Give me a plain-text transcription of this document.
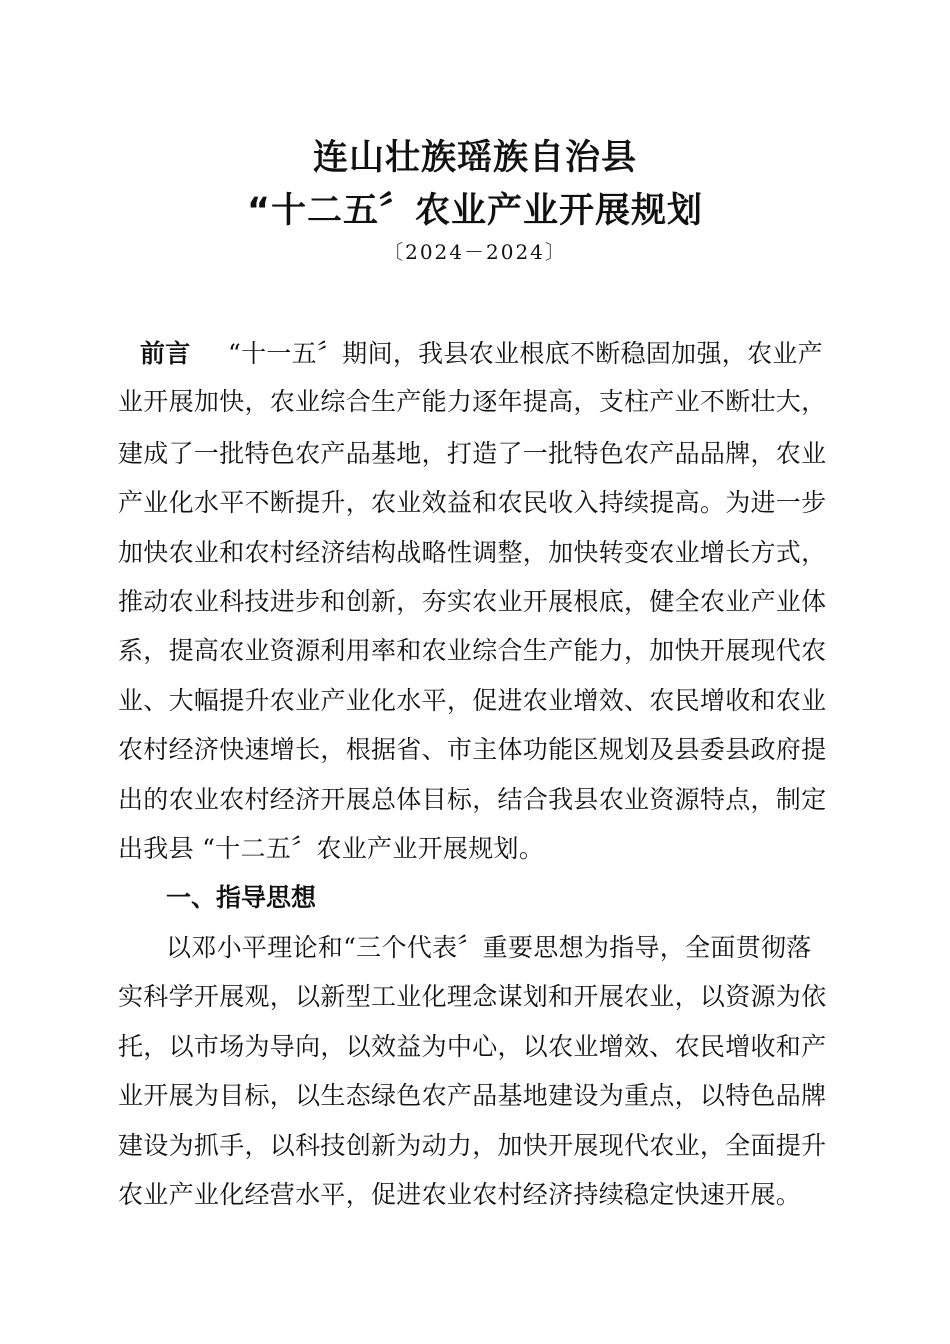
连山壮族瑶族自治县
“十二五〞农业产业开展规划
〔2024－2024〕
前言 “十一五〞期间，我县农业根底不断稳固加强，农业产
业开展加快，农业综合生产能力逐年提高，支柱产业不断壮大，
建成了一批特色农产品基地，打造了一批特色农产品品牌，农业
产业化水平不断提升，农业效益和农民收入持续提高。为进一步
加快农业和农村经济结构战略性调整，加快转变农业增长方式，
推动农业科技进步和创新，夯实农业开展根底，健全农业产业体
系，提高农业资源利用率和农业综合生产能力，加快开展现代农
业、大幅提升农业产业化水平，促进农业增效、农民增收和农业
农村经济快速增长，根据省、市主体功能区规划及县委县政府提
出的农业农村经济开展总体目标，结合我县农业资源特点，制定
出我县 “十二五〞农业产业开展规划。
一、指导思想
以邓小平理论和“三个代表〞重要思想为指导，全面贯彻落
实科学开展观，以新型工业化理念谋划和开展农业，以资源为依
托，以市场为导向，以效益为中心，以农业增效、农民增收和产
业开展为目标，以生态绿色农产品基地建设为重点，以特色品牌
建设为抓手，以科技创新为动力，加快开展现代农业，全面提升
农业产业化经营水平，促进农业农村经济持续稳定快速开展。
